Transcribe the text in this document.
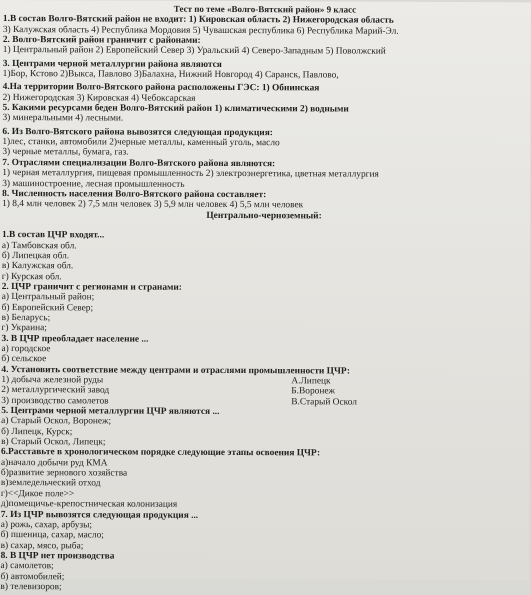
Тест по теме «Волго-Вятский район» 9 класс
1.В состав Волго-Вятский район не входит: 1) Кировская область 2) Нижегородская область
3) Калужская область 4) Республика Мордовия 5) Чувашская республика 6) Республика Марий-Эл.
2. Волго-Вятский район граничит с районами:
1) Центральный район 2) Европейский Север 3) Уральский 4) Северо-Западным 5) Поволжский
3. Центрами черной металлургии района являются
1)Бор, Кстово 2)Выкса, Павлово 3)Балахна, Нижний Новгород 4) Саранск, Павлово,
4.На территории Волго-Вятского района расположены ГЭС: 1) Обнинская
2) Нижегородская 3) Кировская 4) Чебоксарская
5. Какими ресурсами беден Волго-Вятский район 1) климатическими 2) водными
3) минеральными 4) лесными.
6. Из Волго-Вятского района вывозятся следующая продукция:
1)лес, станки, автомобили 2)черные металлы, каменный уголь, масло
3) черные металлы, бумага, газ.
7. Отраслями специализации Волго-Вятского района являются:
1) черная металлургия, пищевая промышленность 2) электроэнергетика, цветная металлургия
3) машиностроение, лесная промышленность
8. Численность населения Волго-Вятского района составляет:
1) 8,4 млн человек 2) 7,5 млн человек 3) 5,9 млн человек 4) 5,5 млн человек
Центрально-черноземный:
1.В состав ЦЧР входят...
а) Тамбовская обл.
б) Липецкая обл.
в) Калужская обл.
г) Курская обл.
2. ЦЧР граничит с регионами и странами:
а) Центральный район;
б) Европейский Север;
в) Беларусь;
г) Украина;
3. В ЦЧР преобладает население ...
а) городское
б) сельское
4. Установить соответствие между центрами и отраслями промышленности ЦЧР:
1) добыча железной руды	А.Липецк
2) металлургический завод	Б.Воронеж
3) производство самолетов	В.Старый Оскол
5. Центрами черной металлургии ЦЧР являются ...
а) Старый Оскол, Воронеж;
б) Липецк, Курск;
в) Старый Оскол, Липецк;
6.Расставьте в хронологическом порядке следующие этапы освоения ЦЧР:
а)начало добычи руд КМА
б)развитие зернового хозяйства
в)земледельческий отход
г)<<Дикое поле>>
д)помещичье-крепостническая колонизация
7. Из ЦЧР вывозятся следующая продукция ...
а) рожь, сахар, арбузы;
б) пшеница, сахар, масло;
в) сахар, мясо, рыба;
8. В ЦЧР нет производства
а) самолетов;
б) автомобилей;
в) телевизоров;
